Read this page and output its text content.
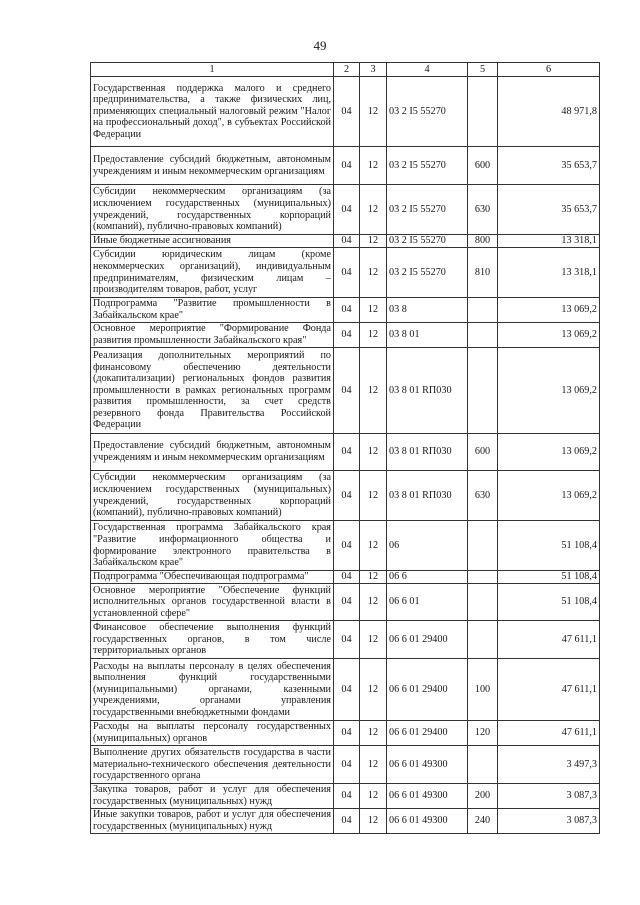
49
1	2	3	4	5	6
Государственная поддержка малого и среднего предпринимательства, а также физических лиц, применяющих специальный налоговый режим "Налог на профессиональный доход", в субъектах Российской Федерации	04	12	03 2 I5 55270		48 971,8
Предоставление субсидий бюджетным, автономным учреждениям и иным некоммерческим организациям	04	12	03 2 I5 55270	600	35 653,7
Субсидии некоммерческим организациям (за исключением государственных (муниципальных) учреждений, государственных корпораций (компаний), публично-правовых компаний)	04	12	03 2 I5 55270	630	35 653,7
Иные бюджетные ассигнования	04	12	03 2 I5 55270	800	13 318,1
Субсидии юридическим лицам (кроме некоммерческих организаций), индивидуальным предпринимателям, физическим лицам – производителям товаров, работ, услуг	04	12	03 2 I5 55270	810	13 318,1
Подпрограмма "Развитие промышленности в Забайкальском крае"	04	12	03 8		13 069,2
Основное мероприятие "Формирование Фонда развития промышленности Забайкальского края"	04	12	03 8 01		13 069,2
Реализация дополнительных мероприятий по финансовому обеспечению деятельности (докапитализации) региональных фондов развития промышленности в рамках региональных программ развития промышленности, за счет средств резервного фонда Правительства Российской Федерации	04	12	03 8 01 RП030		13 069,2
Предоставление субсидий бюджетным, автономным учреждениям и иным некоммерческим организациям	04	12	03 8 01 RП030	600	13 069,2
Субсидии некоммерческим организациям (за исключением государственных (муниципальных) учреждений, государственных корпораций (компаний), публично-правовых компаний)	04	12	03 8 01 RП030	630	13 069,2
Государственная программа Забайкальского края "Развитие информационного общества и формирование электронного правительства в Забайкальском крае"	04	12	06		51 108,4
Подпрограмма "Обеспечивающая подпрограмма"	04	12	06 6		51 108,4
Основное мероприятие "Обеспечение функций исполнительных органов государственной власти в установленной сфере"	04	12	06 6 01		51 108,4
Финансовое обеспечение выполнения функций государственных органов, в том числе территориальных органов	04	12	06 6 01 29400		47 611,1
Расходы на выплаты персоналу в целях обеспечения выполнения функций государственными (муниципальными) органами, казенными учреждениями, органами управления государственными внебюджетными фондами	04	12	06 6 01 29400	100	47 611,1
Расходы на выплаты персоналу государственных (муниципальных) органов	04	12	06 6 01 29400	120	47 611,1
Выполнение других обязательств государства в части материально-технического обеспечения деятельности государственного органа	04	12	06 6 01 49300		3 497,3
Закупка товаров, работ и услуг для обеспечения государственных (муниципальных) нужд	04	12	06 6 01 49300	200	3 087,3
Иные закупки товаров, работ и услуг для обеспечения государственных (муниципальных) нужд	04	12	06 6 01 49300	240	3 087,3
